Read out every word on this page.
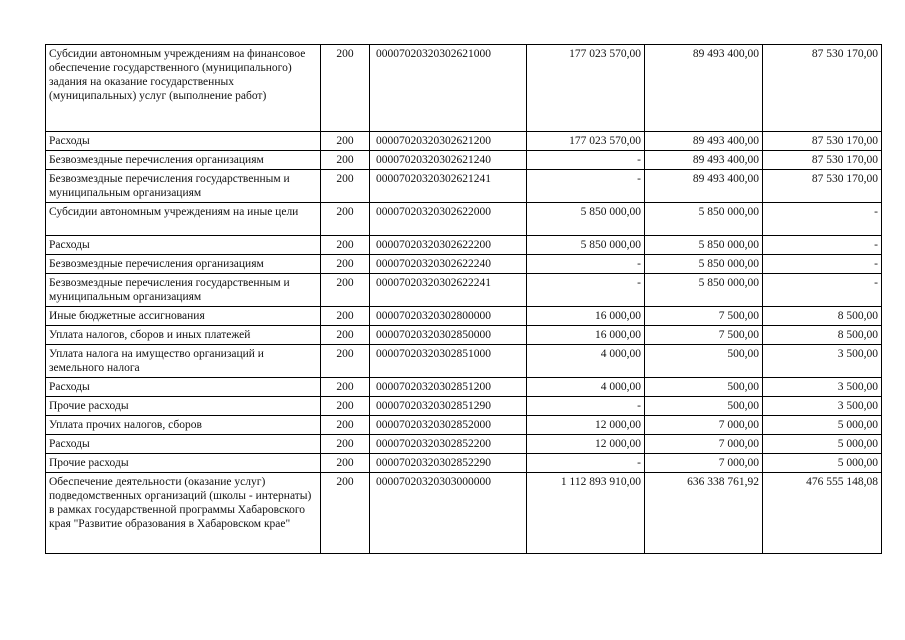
Субсидии автономным учреждениям на финансовое обеспечение государственного (муниципального) задания на оказание государственных (муниципальных) услуг (выполнение работ)	200	00007020320302621000	177 023 570,00	89 493 400,00	87 530 170,00
Расходы	200	00007020320302621200	177 023 570,00	89 493 400,00	87 530 170,00
Безвозмездные перечисления организациям	200	00007020320302621240	-	89 493 400,00	87 530 170,00
Безвозмездные перечисления государственным и муниципальным организациям	200	00007020320302621241	-	89 493 400,00	87 530 170,00
Субсидии автономным учреждениям на иные цели	200	00007020320302622000	5 850 000,00	5 850 000,00	-
Расходы	200	00007020320302622200	5 850 000,00	5 850 000,00	-
Безвозмездные перечисления организациям	200	00007020320302622240	-	5 850 000,00	-
Безвозмездные перечисления государственным и муниципальным организациям	200	00007020320302622241	-	5 850 000,00	-
Иные бюджетные ассигнования	200	00007020320302800000	16 000,00	7 500,00	8 500,00
Уплата налогов, сборов и иных платежей	200	00007020320302850000	16 000,00	7 500,00	8 500,00
Уплата налога на имущество организаций и земельного налога	200	00007020320302851000	4 000,00	500,00	3 500,00
Расходы	200	00007020320302851200	4 000,00	500,00	3 500,00
Прочие расходы	200	00007020320302851290	-	500,00	3 500,00
Уплата прочих налогов, сборов	200	00007020320302852000	12 000,00	7 000,00	5 000,00
Расходы	200	00007020320302852200	12 000,00	7 000,00	5 000,00
Прочие расходы	200	00007020320302852290	-	7 000,00	5 000,00
Обеспечение деятельности (оказание услуг) подведомственных организаций (школы - интернаты) в рамках государственной программы Хабаровского края "Развитие образования в Хабаровском крае"	200	00007020320303000000	1 112 893 910,00	636 338 761,92	476 555 148,08
